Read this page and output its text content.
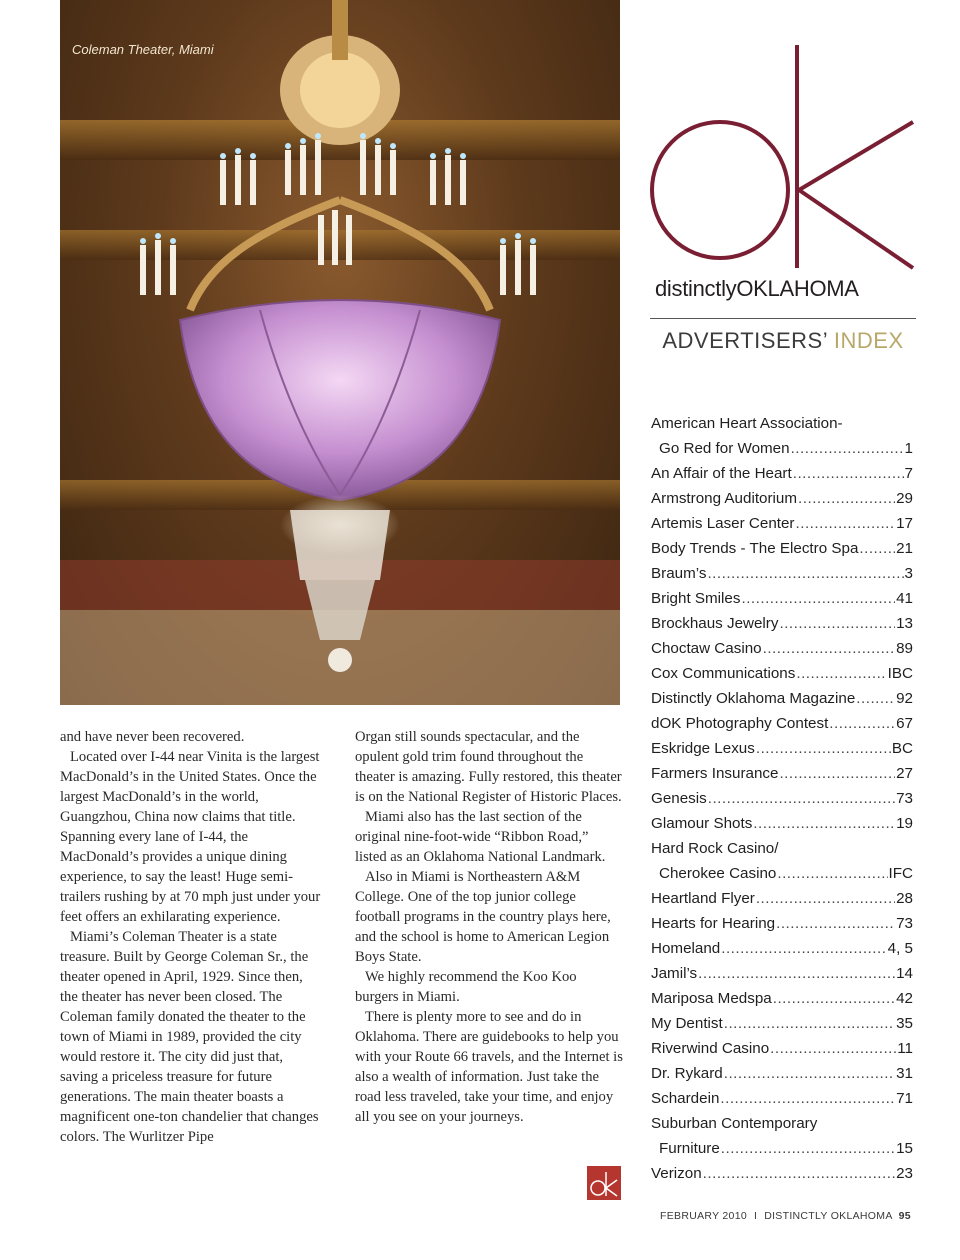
Coleman Theater, Miami

and have never been recovered.

Located over I-44 near Vinita is the largest MacDonald’s in the United States. Once the largest MacDonald’s in the world, Guangzhou, China now claims that title. Spanning every lane of I-44, the MacDonald’s provides a unique dining experience, to say the least! Huge semi-trailers rushing by at 70 mph just under your feet offers an exhilarating experience.

Miami’s Coleman Theater is a state treasure. Built by George Coleman Sr., the theater opened in April, 1929. Since then, the theater has never been closed. The Coleman family donated the theater to the town of Miami in 1989, provided the city would restore it. The city did just that, saving a priceless treasure for future generations. The main theater boasts a magnificent one-ton chandelier that changes colors. The Wurlitzer Pipe

Organ still sounds spectacular, and the opulent gold trim found throughout the theater is amazing. Fully restored, this theater is on the National Register of Historic Places.

Miami also has the last section of the original nine-foot-wide “Ribbon Road,” listed as an Oklahoma National Landmark.

Also in Miami is Northeastern A&M College. One of the top junior college football programs in the country plays here, and the school is home to American Legion Boys State.

We highly recommend the Koo Koo burgers in Miami.

There is plenty more to see and do in Oklahoma. There are guidebooks to help you with your Route 66 travels, and the Internet is also a wealth of information. Just take the road less traveled, take your time, and enjoy all you see on your journeys.

distinctlyOKLAHOMA
ADVERTISERS’ INDEX
American Heart Association-
Go Red for Women .....	1
An Affair of the Heart .....	7
Armstrong Auditorium .....	29
Artemis Laser Center .....	17
Body Trends - The Electro Spa ..... 21
Braum’s .....	3
Bright Smiles .....	41
Brockhaus Jewelry .....	13
Choctaw Casino .....	89
Cox Communications .....	IBC
Distinctly Oklahoma Magazine .....	92
dOK Photography Contest .....	67
Eskridge Lexus .....	BC
Farmers Insurance .....	27
Genesis .....	73
Glamour Shots .....	19
Hard Rock Casino/
Cherokee Casino .....	IFC
Heartland Flyer .....	28
Hearts for Hearing .....	73
Homeland .....	4, 5
Jamil’s .....	14
Mariposa Medspa .....	42
My Dentist .....	35
Riverwind Casino .....	11
Dr. Rykard .....	31
Schardein .....	71
Suburban Contemporary
Furniture .....	15
Verizon .....	23
FEBRUARY 2010 I DISTINCTLY OKLAHOMA 95
